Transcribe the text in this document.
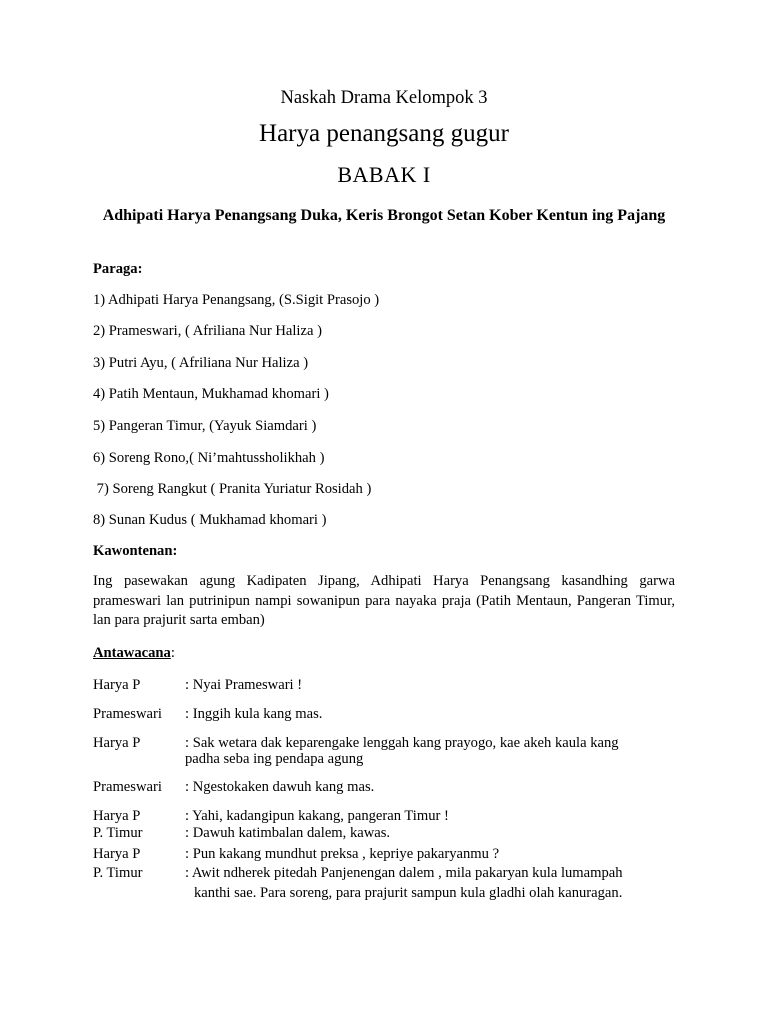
Naskah Drama Kelompok 3
Harya penangsang gugur
BABAK I
Adhipati Harya Penangsang Duka, Keris Brongot Setan Kober Kentun ing Pajang
Paraga:
1) Adhipati Harya Penangsang, (S.Sigit Prasojo )
2) Prameswari, ( Afriliana Nur Haliza )
3) Putri Ayu, ( Afriliana Nur Haliza )
4) Patih Mentaun, Mukhamad khomari )
5) Pangeran Timur, (Yayuk Siamdari )
6) Soreng Rono,( Ni’mahtussholikhah )
7) Soreng Rangkut ( Pranita Yuriatur Rosidah )
8) Sunan Kudus ( Mukhamad khomari )
Kawontenan:
Ing pasewakan agung Kadipaten Jipang, Adhipati Harya Penangsang kasandhing garwa prameswari lan putrinipun nampi sowanipun para nayaka praja (Patih Mentaun, Pangeran Timur, lan para prajurit sarta emban)
Antawacana:
Harya P	: Nyai Prameswari !
Prameswari : Inggih kula kang mas.
Harya P	: Sak wetara dak keparengake lenggah kang prayogo, kae akeh kaula kang
padha seba ing pendapa agung
Prameswari : Ngestokaken dawuh kang mas.
Harya P	: Yahi, kadangipun kakang, pangeran Timur !
P. Timur	: Dawuh katimbalan dalem, kawas.
Harya P	: Pun kakang mundhut preksa , kepriye pakaryanmu ?
P. Timur	: Awit ndherek pitedah Panjenengan dalem , mila pakaryan kula lumampah
kanthi sae. Para soreng, para prajurit sampun kula gladhi olah kanuragan.
